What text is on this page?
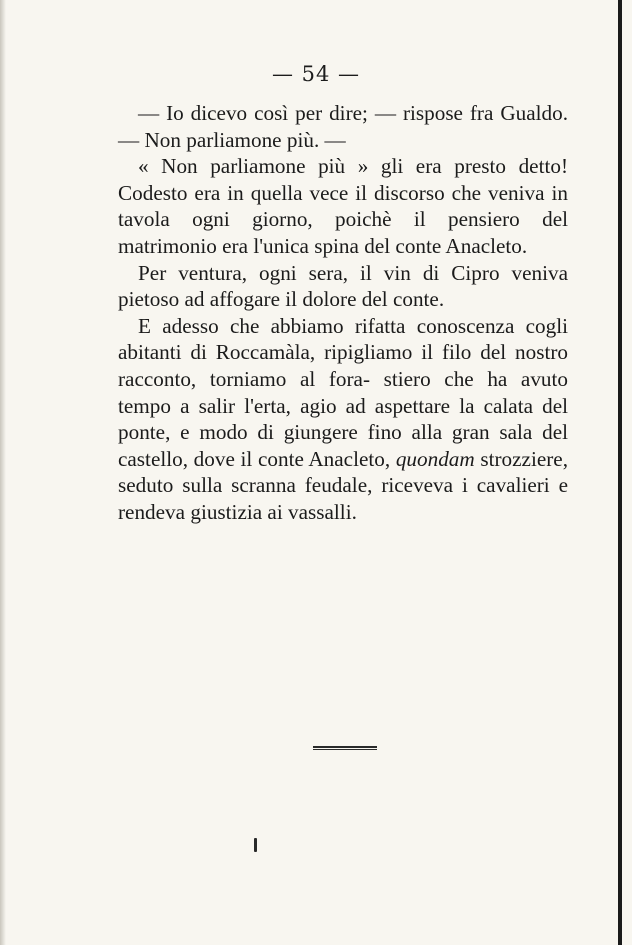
— 54 —

— Io dicevo così per dire; — rispose fra Gualdo. — Non parliamone più. —

« Non parliamone più » gli era presto detto! Codesto era in quella vece il discorso che veniva in tavola ogni giorno, poichè il pensiero del matrimonio era l'unica spina del conte Anacleto.

Per ventura, ogni sera, il vin di Cipro veniva pietoso ad affogare il dolore del conte.

E adesso che abbiamo rifatta conoscenza cogli abitanti di Roccamàla, ripigliamo il filo del nostro racconto, torniamo al fora- stiero che ha avuto tempo a salir l'erta, agio ad aspettare la calata del ponte, e modo di giungere fino alla gran sala del castello, dove il conte Anacleto, quondam strozziere, seduto sulla scranna feudale, riceveva i cavalieri e rendeva giustizia ai vassalli.
